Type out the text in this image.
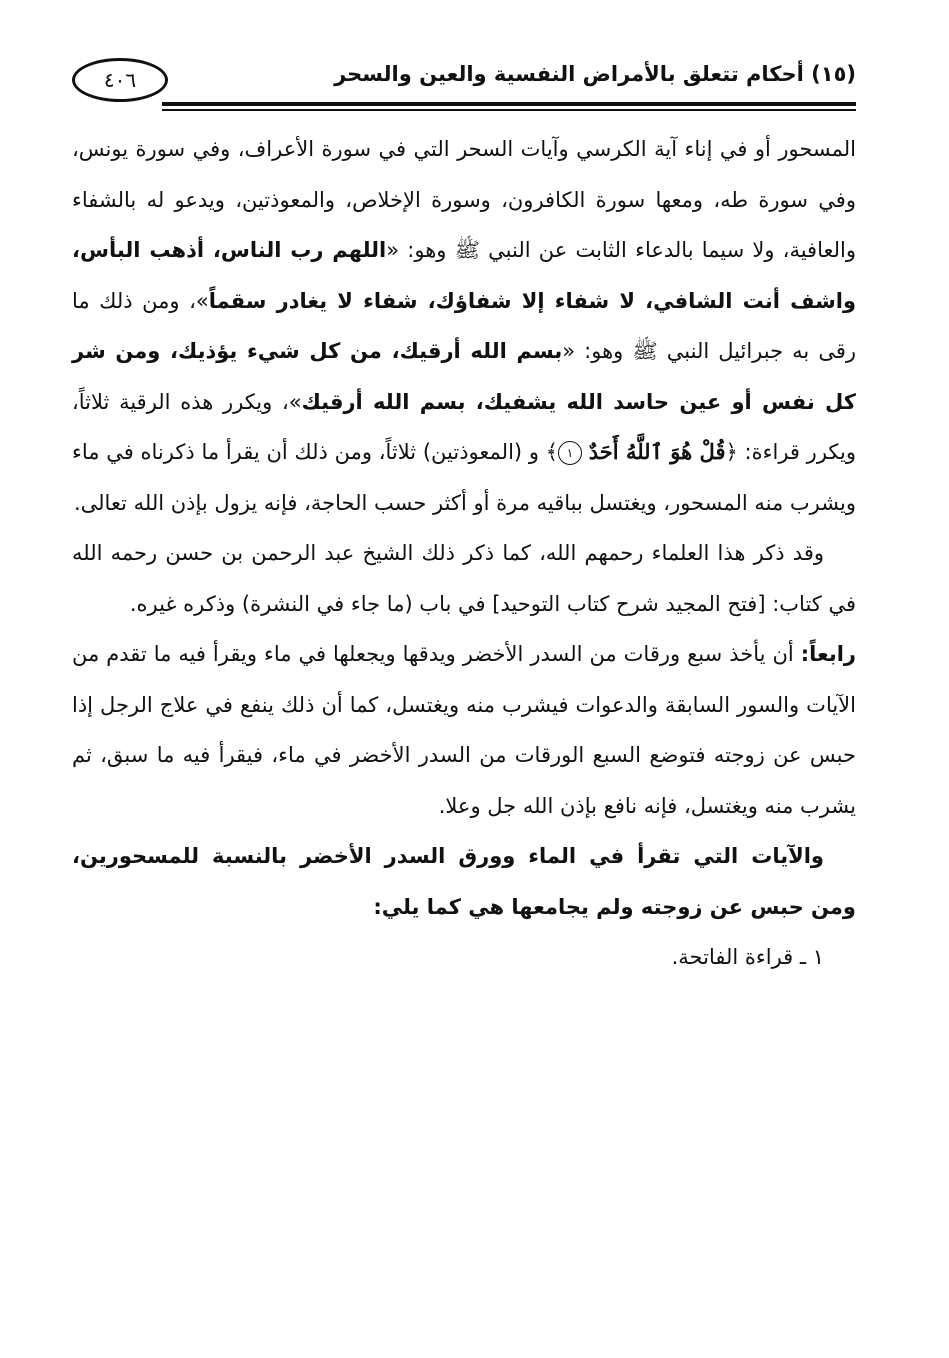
٤٠٦	(١٥) أحكام تتعلق بالأمراض النفسية والعين والسحر

المسحور أو في إناء آية الكرسي وآيات السحر التي في سورة الأعراف، وفي سورة يونس، وفي سورة طه، ومعها سورة الكافرون، وسورة الإخلاص، والمعوذتين، ويدعو له بالشفاء والعافية، ولا سيما بالدعاء الثابت عن النبي ﷺ وهو: «اللهم رب الناس، أذهب البأس، واشف أنت الشافي، لا شفاء إلا شفاؤك، شفاء لا يغادر سقماً»، ومن ذلك ما رقى به جبرائيل النبي ﷺ وهو: «بسم الله أرقيك، من كل شيء يؤذيك، ومن شر كل نفس أو عين حاسد الله يشفيك، بسم الله أرقيك»، ويكرر هذه الرقية ثلاثاً، ويكرر قراءة: ﴿قُلْ هُوَ ٱللَّهُ أَحَدٌ ١﴾ و (المعوذتين) ثلاثاً، ومن ذلك أن يقرأ ما ذكرناه في ماء ويشرب منه المسحور، ويغتسل بباقيه مرة أو أكثر حسب الحاجة، فإنه يزول بإذن الله تعالى.

وقد ذكر هذا العلماء رحمهم الله، كما ذكر ذلك الشيخ عبد الرحمن بن حسن رحمه الله في كتاب: [فتح المجيد شرح كتاب التوحيد] في باب (ما جاء في النشرة) وذكره غيره.

رابعاً: أن يأخذ سبع ورقات من السدر الأخضر ويدقها ويجعلها في ماء ويقرأ فيه ما تقدم من الآيات والسور السابقة والدعوات فيشرب منه ويغتسل، كما أن ذلك ينفع في علاج الرجل إذا حبس عن زوجته فتوضع السبع الورقات من السدر الأخضر في ماء، فيقرأ فيه ما سبق، ثم يشرب منه ويغتسل، فإنه نافع بإذن الله جل وعلا.

والآيات التي تقرأ في الماء وورق السدر الأخضر بالنسبة للمسحورين، ومن حبس عن زوجته ولم يجامعها هي كما يلي:

١ ـ قراءة الفاتحة.
